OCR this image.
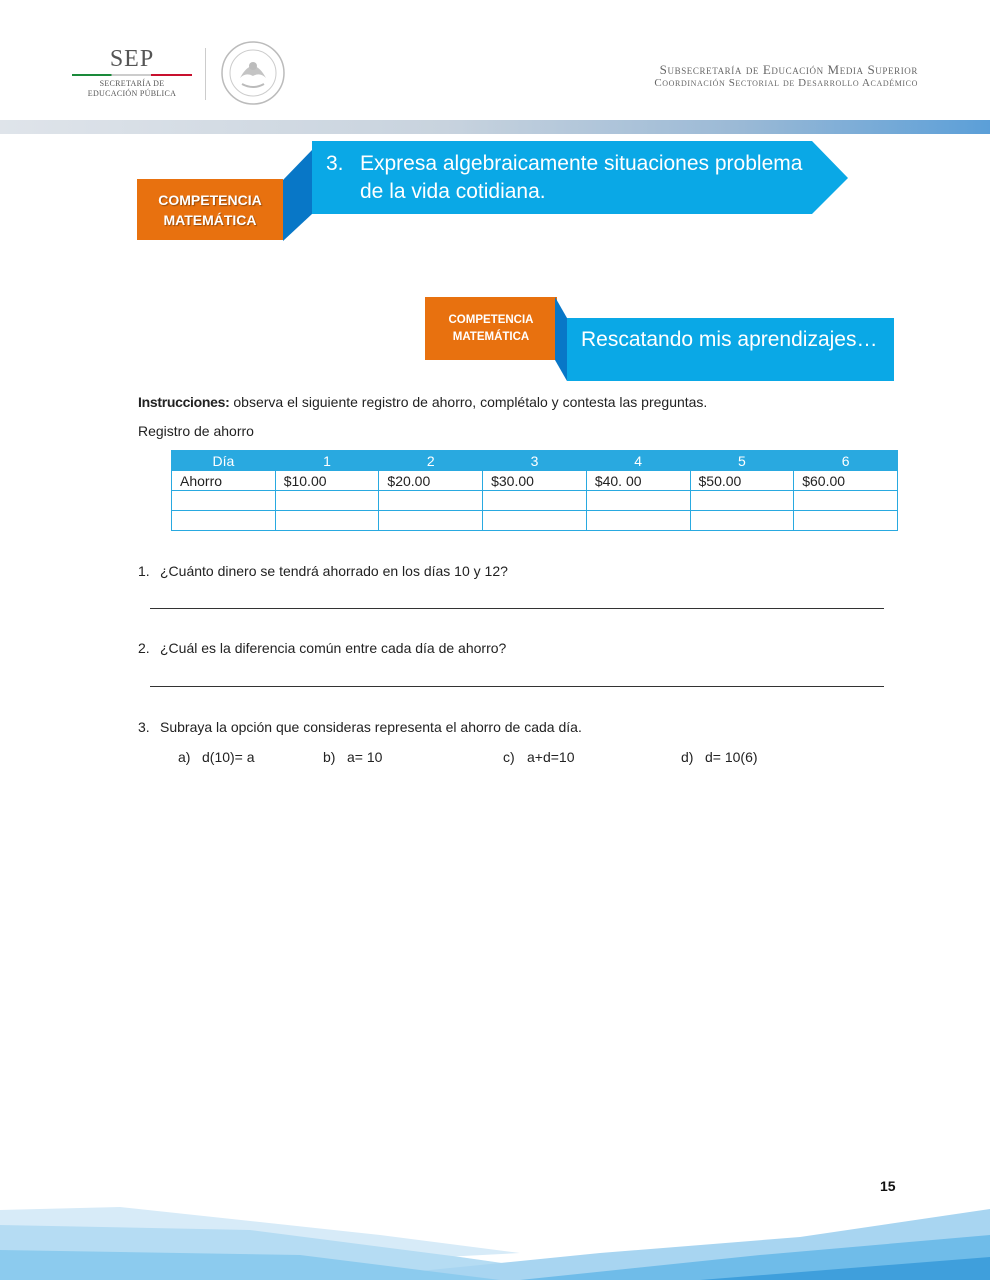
SEP
SECRETARÍA DE
EDUCACIÓN PÚBLICA
Subsecretaría de Educación Media Superior
Coordinación Sectorial de Desarrollo Académico
COMPETENCIA
MATEMÁTICA
3. Expresa algebraicamente situaciones problema
de la vida cotidiana.
COMPETENCIA
MATEMÁTICA	Rescatando mis aprendizajes…
Instrucciones: observa el siguiente registro de ahorro, complétalo y contesta las preguntas.
Registro de ahorro
Día	1	2	3	4	5	6
Ahorro	$10.00	$20.00	$30.00	$40. 00	$50.00	$60.00

1. ¿Cuánto dinero se tendrá ahorrado en los días 10 y 12?
2. ¿Cuál es la diferencia común entre cada día de ahorro?
3. Subraya la opción que consideras representa el ahorro de cada día.
a) d(10)= a	b) a= 10	c) a+d=10	d) d= 10(6)
15
